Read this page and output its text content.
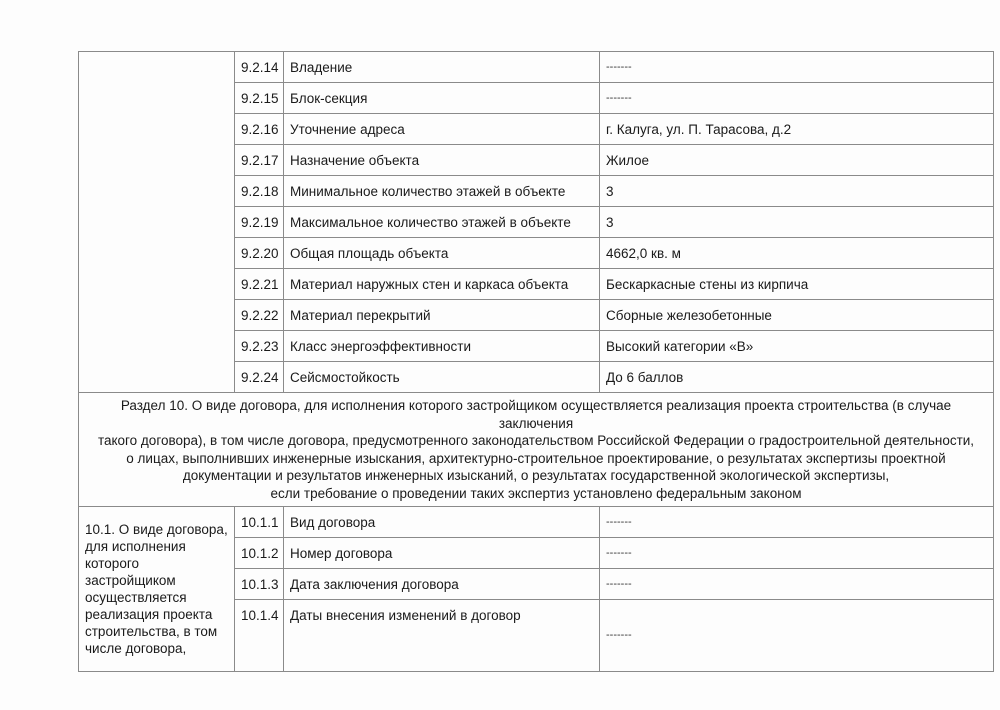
	9.2.14	Владение	-------
	9.2.15	Блок-секция	-------
	9.2.16	Уточнение адреса	г. Калуга, ул. П. Тарасова, д.2
	9.2.17	Назначение объекта	Жилое
	9.2.18	Минимальное количество этажей в объекте	3
	9.2.19	Максимальное количество этажей в объекте	3
	9.2.20	Общая площадь объекта	4662,0 кв. м
	9.2.21	Материал наружных стен и каркаса объекта	Бескаркасные стены из кирпича
	9.2.22	Материал перекрытий	Сборные железобетонные
	9.2.23	Класс энергоэффективности	Высокий категории «В»
	9.2.24	Сейсмостойкость	До 6 баллов

Раздел 10. О виде договора, для исполнения которого застройщиком осуществляется реализация проекта строительства (в случае заключения
такого договора), в том числе договора, предусмотренного законодательством Российской Федерации о градостроительной деятельности,
о лицах, выполнивших инженерные изыскания, архитектурно-строительное проектирование, о результатах экспертизы проектной
документации и результатов инженерных изысканий, о результатах государственной экологической экспертизы,
если требование о проведении таких экспертиз установлено федеральным законом			

10.1. О виде договора, для исполнения которого застройщиком осуществляется реализация проекта строительства, в том числе договора,	10.1.1	Вид договора	-------
	10.1.2	Номер договора	-------
	10.1.3	Дата заключения договора	-------
	10.1.4	Даты внесения изменений в договор	-------
